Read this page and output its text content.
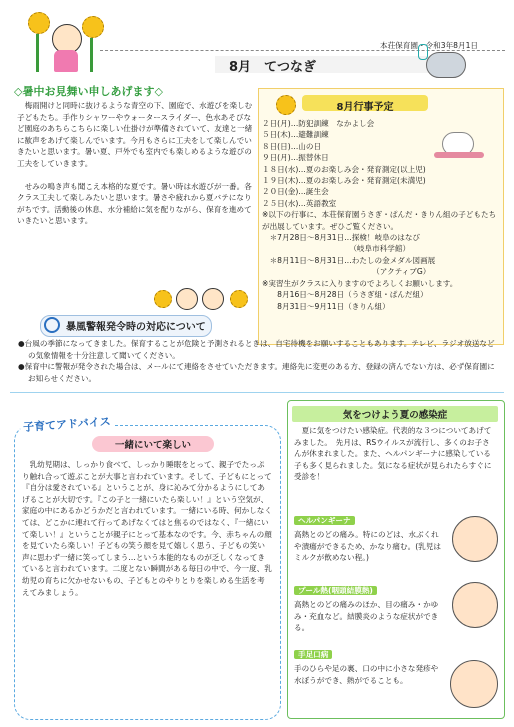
本荘保育園・令和3年8月1日
8月　てつなぎ
◇暑中お見舞い申しあげます◇

梅雨開けと同時に抜けるような青空の下、園庭で、水遊びを楽しむ子どもたち。手作りシャワーやウォータースライダー、色水あそびなど園庭のあちらこちらに楽しい仕掛けが準備されていて、友達と一緒に歓声をあげて楽しんでいます。今月もさらに工夫をして楽しんでいきたいと思います。暑い夏、戸外でも室内でも楽しめるような遊びの工夫をしていきます。

せみの鳴き声も聞こえ本格的な夏です。暑い時は水遊びが一番。各クラス工夫して楽しみたいと思います。暑さや疲れから夏バテになりがちです。活動後の休息、水分補給に気を配りながら、保育を進めていきたいと思います。

8月行事予定
２日(月)…防犯訓練　なかよし会
５日(木)…避難訓練
８日(日)…山の日
９日(月)…振替休日
１８日(水)…夏のお楽しみ会・発育測定(以上児)
１９日(木)…夏のお楽しみ会・発育測定(未満児)
２０日(金)…誕生会
２５日(水)…英語教室
※以下の行事に、本荘保育園うさぎ・ぱんだ・きりん組の子どもたちが出展しています。ぜひご覧ください。
　＊7月28日～8月31日…探検！岐阜のはなび
　　　　　　　　　　　　（岐阜市科学館）
　＊8月11日～8月31日…わたしの金メダル図画展
　　　　　　　　　　　　　　　（アクティブG）
※実習生がクラスに入りますのでよろしくお願いします。
　　8月16日～8月28日（うさぎ組・ぱんだ組）
　　8月31日～9月11日（きりん組）
暴風警報発令時の対応について

●台風の季節になってきました。保育することが危険と予測されるときは、自宅待機をお願いすることもあります。テレビ、ラジオ放送などの気象情報を十分注意して聞いてください。

●保育中に警報が発令された場合は、メールにて連絡をさせていただきます。連絡先に変更のある方、登録の済んでない方は、必ず保育園にお知らせください。

子育てアドバイス
一緒にいて楽しい

乳幼児期は、しっかり食べて、しっかり睡眠をとって、親子でたっぷり触れ合って遊ぶことが大事と言われています。そして、子どもにとって『自分は愛されている』ということが、身に沁みて分かるようにしてあげることが大切です。『この子と一緒にいたら楽しい！』という空気が、家庭の中にあるかどうかだと言われています。一緒にいる時、何かしなくては、どこかに連れて行ってあげなくてはと焦るのではなく、『一緒にいて楽しい！』ということが親子にとって基本なのです。今、赤ちゃんの顔を見ていたら楽しい！子どもの笑う顔を見て嬉しく思う、子どもの笑い声に思わず一緒に笑ってしまう…という本能的なものが乏しくなってきていると言われています。二度とない瞬間がある毎日の中で、今一度、乳幼児の育ちに欠かせないもの、子どもとのやりとりを楽しめる生活を考えてみましょう。

気をつけよう夏の感染症
夏に気をつけたい感染症。代表的な３つについてあげてみました。　先月は、RSウイルスが流行し、多くのお子さんが休まれました。また、ヘルパンギーナに感染している子も多く見られました。気になる症状が見られたらすぐに受診を！
ヘルパンギーナ
高熱とのどの痛み。特にのどは、水ぶくれや潰瘍ができるため、かなり痛む。(乳児はミルクが飲めない程。)
プール熱(咽頭結膜熱)
高熱とのどの痛みのほか、目の痛み・かゆみ・充血など。結膜炎のような症状ができる。
手足口病
手のひらや足の裏、口の中に小さな発疹や水ぼうができ、熱がでることも。
